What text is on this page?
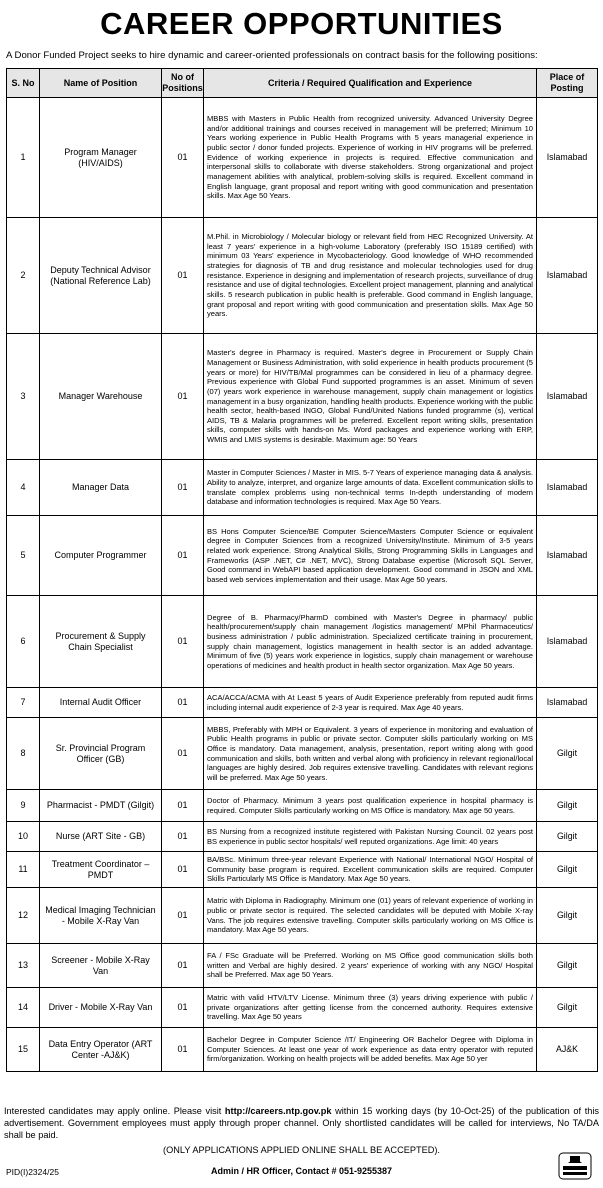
CAREER OPPORTUNITIES
A Donor Funded Project seeks to hire dynamic and career-oriented professionals on contract basis for the following positions:
S. No	Name of Position	No of Positions	Criteria / Required Qualification and Experience	Place of Posting
1	Program Manager (HIV/AIDS)	01	MBBS with Masters in Public Health from recognized university. Advanced University Degree and/or additional trainings and courses received in management will be preferred; Minimum 10 Years working experience in Public Health Programs with 5 years managerial experience in public sector / donor funded projects. Experience of working in HIV programs will be preferred. Evidence of working experience in projects is required. Effective communication and interpersonal skills to collaborate with diverse stakeholders. Strong organizational and project management abilities with analytical, problem-solving skills is required. Excellent command in English language, grant proposal and report writing with good communication and presentation skills. Max Age 50 Years.	Islamabad
2	Deputy Technical Advisor (National Reference Lab)	01	M.Phil. in Microbiology / Molecular biology or relevant field from HEC Recognized University. At least 7 years' experience in a high-volume Laboratory (preferably ISO 15189 certified) with minimum 03 Years' experience in Mycobacteriology. Good knowledge of WHO recommended strategies for diagnosis of TB and drug resistance and molecular technologies used for drug resistance. Experience in designing and implementation of research projects, surveillance of drug resistance and use of digital technologies. Excellent project management, planning and analytical skills. 5 research publication in public health is preferable. Good command in English language, grant proposal and report writing with good communication and presentation skills. Max Age 50 years.	Islamabad
3	Manager Warehouse	01	Master's degree in Pharmacy is required. Master's degree in Procurement or Supply Chain Management or Business Administration, with solid experience in health products procurement (5 years or more) for HIV/TB/Mal programmes can be considered in lieu of a pharmacy degree. Previous experience with Global Fund supported programmes is an asset. Minimum of seven (07) years work experience in warehouse management, supply chain management or logistics management in a busy organization, handling health products. Experience working with the public health sector, health-based INGO, Global Fund/United Nations funded programme (s), vertical AIDS, TB & Malaria programmes will be preferred. Excellent report writing skills, presentation skills, computer skills with hands-on Ms. Word packages and experience working with ERP, WMIS and LMIS systems is desirable. Maximum age: 50 Years	Islamabad
4	Manager Data	01	Master in Computer Sciences / Master in MIS. 5-7 Years of experience managing data & analysis. Ability to analyze, interpret, and organize large amounts of data. Excellent communication skills to translate complex problems using non-technical terms In-depth understanding of modern database and information technologies is required. Max Age 50 Years.	Islamabad
5	Computer Programmer	01	BS Hons Computer Science/BE Computer Science/Masters Computer Science or equivalent degree in Computer Sciences from a recognized University/Institute. Minimum of 3-5 years related work experience. Strong Analytical Skills, Strong Programming Skills in Languages and Frameworks (ASP .NET, C# .NET, MVC), Strong Database expertise (Microsoft SQL Server, Good command in WebAPI based application development. Good command in JSON and XML based web services implementation and their usage. Max Age 50 years.	Islamabad
6	Procurement & Supply Chain Specialist	01	Degree of B. Pharmacy/PharmD combined with Master's Degree in pharmacy/ public health/procurement/supply chain management /logistics management/ MPhil Pharmaceutics/ business administration / public administration. Specialized certificate training in procurement, supply chain management, logistics management in health sector is an added advantage. Minimum of five (5) years work experience in logistics, supply chain management or warehouse operations of medicines and health product in health sector organization. Max Age 50 years.	Islamabad
7	Internal Audit Officer	01	ACA/ACCA/ACMA with At Least 5 years of Audit Experience preferably from reputed audit firms including internal audit experience of 2-3 year is required. Max Age 40 years.	Islamabad
8	Sr. Provincial Program Officer (GB)	01	MBBS, Preferably with MPH or Equivalent. 3 years of experience in monitoring and evaluation of Public Health programs in public or private sector. Computer skills particularly working on MS Office is mandatory. Data management, analysis, presentation, report writing along with good communication and skills, both written and verbal along with proficiency in relevant regional/local languages are highly desired. Job requires extensive travelling. Candidates with relevant regions will be preferred. Max Age 50 years.	Gilgit
9	Pharmacist - PMDT (Gilgit)	01	Doctor of Pharmacy. Minimum 3 years post qualification experience in hospital pharmacy is required. Computer Skills particularly working on MS Office is mandatory. Max age 50 years.	Gilgit
10	Nurse (ART Site - GB)	01	BS Nursing from a recognized institute registered with Pakistan Nursing Council. 02 years post BS experience in public sector hospitals/ well reputed organizations. Age limit: 40 years	Gilgit
11	Treatment Coordinator – PMDT	01	BA/BSc. Minimum three-year relevant Experience with National/ International NGO/ Hospital of Community base program is required. Excellent communication skills are required. Computer Skills Particularly MS Office is Mandatory. Max Age 50 years.	Gilgit
12	Medical Imaging Technician - Mobile X-Ray Van	01	Matric with Diploma in Radiography. Minimum one (01) years of relevant experience of working in public or private sector is required. The selected candidates will be deputed with Mobile X-ray Vans. The job requires extensive travelling. Computer skills particularly working on MS Office is mandatory. Max Age 50 years.	Gilgit
13	Screener - Mobile X-Ray Van	01	FA / FSc Graduate will be Preferred. Working on MS Office good communication skills both written and Verbal are highly desired. 2 years' experience of working with any NGO/ Hospital shall be Preferred. Max age 50 Years.	Gilgit
14	Driver - Mobile X-Ray Van	01	Matric with valid HTV/LTV License. Minimum three (3) years driving experience with public / private organizations after getting license from the concerned authority. Requires extensive travelling. Max Age 50 years	Gilgit
15	Data Entry Operator (ART Center -AJ&K)	01	Bachelor Degree in Computer Science /IT/ Engineering OR Bachelor Degree with Diploma in Computer Sciences. At least one year of work experience as data entry operator with reputed firm/organization. Working on health projects will be added benefits. Max Age 50 yer	AJ&K
Interested candidates may apply online. Please visit http://careers.ntp.gov.pk within 15 working days (by 10-Oct-25) of the publication of this advertisement. Government employees must apply through proper channel. Only shortlisted candidates will be called for interviews, No TA/DA shall be paid.
(ONLY APPLICATIONS APPLIED ONLINE SHALL BE ACCEPTED).
PID(I)2324/25	Admin / HR Officer, Contact # 051-9255387
